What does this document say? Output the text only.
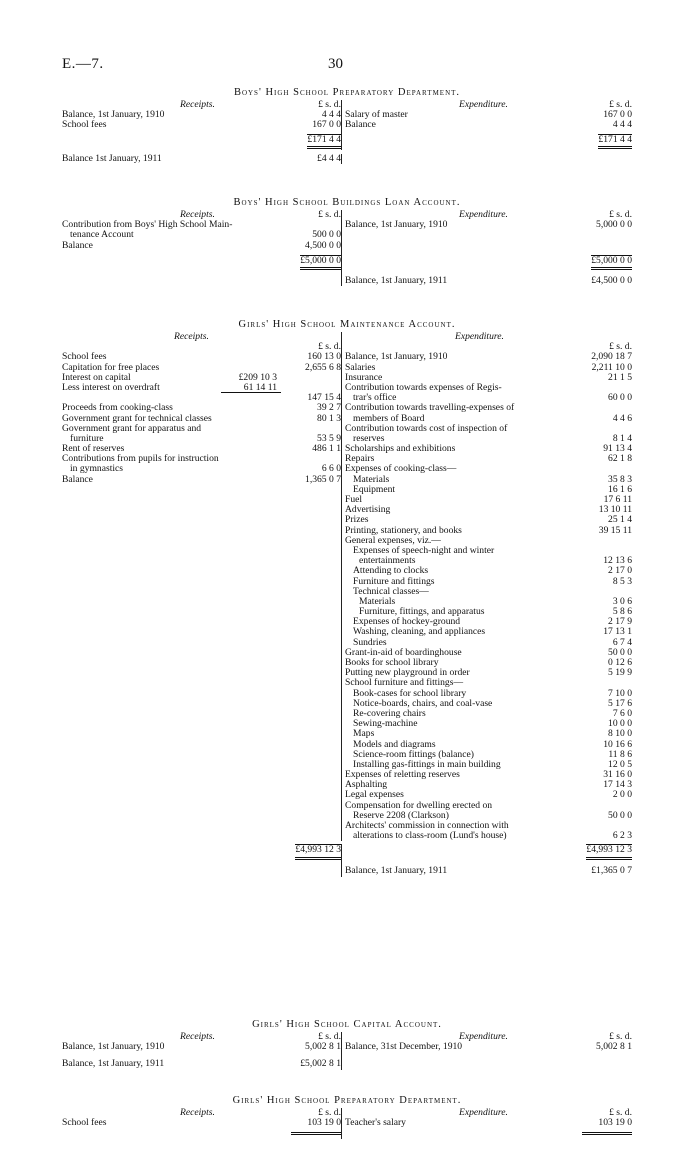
E.—7.	30
Boys' High School Preparatory Department.
Receipts.	£ s. d.
Balance, 1st January, 1910	4 4 4
School fees	167 0 0
£171 4 4
Expenditure.	£ s. d.
Salary of master	167 0 0
Balance	4 4 4
£171 4 4
Balance 1st January, 1911	£4 4 4
Boys' High School Buildings Loan Account.
Receipts.	£ s. d.
Contribution from Boys' High School Main-
tenance Account	500 0 0
Balance	4,500 0 0
£5,000 0 0
Expenditure.	£ s. d.
Balance, 1st January, 1910	5,000 0 0
£5,000 0 0
Balance, 1st January, 1911	£4,500 0 0
Girls' High School Maintenance Account.
Receipts.
£ s. d.
School fees	160 13 0
Capitation for free places	2,655 6 8
Interest on capital	£209 10 3
Less interest on overdraft	61 14 11
147 15 4
Proceeds from cooking-class	39 2 7
Government grant for technical classes	80 1 3
Government grant for apparatus and
furniture	53 5 9
Rent of reserves	486 1 1
Contributions from pupils for instruction
in gymnastics	6 6 0
Balance	1,365 0 7
Expenditure.
£ s. d.
Balance, 1st January, 1910	2,090 18 7
Salaries	2,211 10 0
Insurance	21 1 5
Contribution towards expenses of Regis-
trar's office	60 0 0
Contribution towards travelling-expenses of
members of Board	4 4 6
Contribution towards cost of inspection of
reserves	8 1 4
Scholarships and exhibitions	91 13 4
Repairs	62 1 8
Expenses of cooking-class—
Materials	35 8 3
Equipment	16 1 6
Fuel	17 6 11
Advertising	13 10 11
Prizes	25 1 4
Printing, stationery, and books	39 15 11
General expenses, viz.—
Expenses of speech-night and winter
entertainments	12 13 6
Attending to clocks	2 17 0
Furniture and fittings	8 5 3
Technical classes—
Materials	3 0 6
Furniture, fittings, and apparatus	5 8 6
Expenses of hockey-ground	2 17 9
Washing, cleaning, and appliances	17 13 1
Sundries	6 7 4
Grant-in-aid of boardinghouse	50 0 0
Books for school library	0 12 6
Putting new playground in order	5 19 9
School furniture and fittings—
Book-cases for school library	7 10 0
Notice-boards, chairs, and coal-vase	5 17 6
Re-covering chairs	7 6 0
Sewing-machine	10 0 0
Maps	8 10 0
Models and diagrams	10 16 6
Science-room fittings (balance)	11 8 6
Installing gas-fittings in main building	12 0 5
Expenses of reletting reserves	31 16 0
Asphalting	17 14 3
Legal expenses	2 0 0
Compensation for dwelling erected on
Reserve 2208 (Clarkson)	50 0 0
Architects' commission in connection with
alterations to class-room (Lund's house)	6 2 3
£4,993 12 3	£4,993 12 3
Balance, 1st January, 1911	£1,365 0 7
Girls' High School Capital Account.
Receipts.	£ s. d.
Balance, 1st January, 1910	5,002 8 1
Balance, 1st January, 1911	£5,002 8 1
Expenditure.	£ s. d.
Balance, 31st December, 1910	5,002 8 1
Girls' High School Preparatory Department.
Receipts.	£ s. d.
School fees	103 19 0
Expenditure.	£ s. d.
Teacher's salary	103 19 0
